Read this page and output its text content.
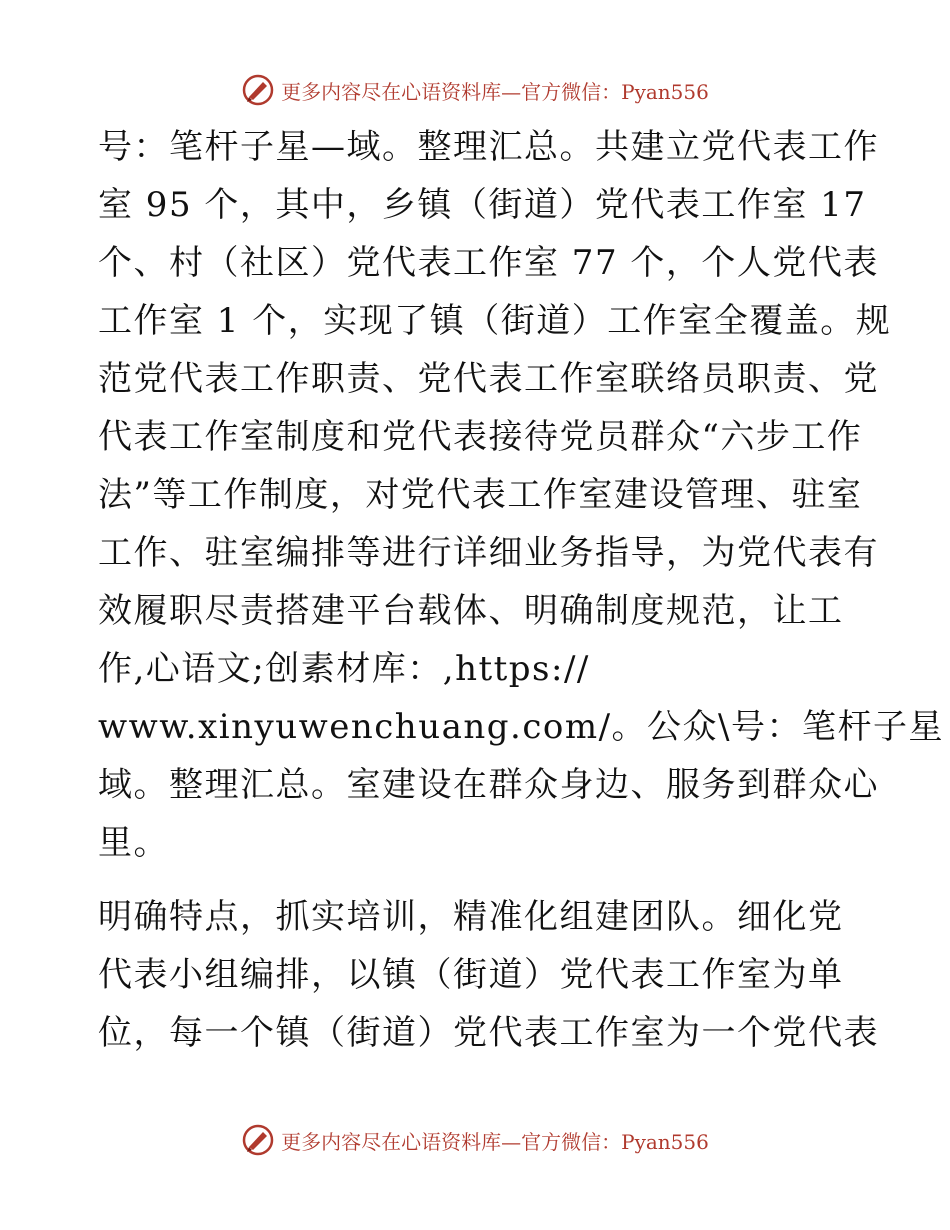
更多内容尽在心语资料库—官方微信：Pyan556

号：笔杆子星—域。整理汇总。共建立党代表工作
室 95 个，其中，乡镇（街道）党代表工作室 17
个、村（社区）党代表工作室 77 个，个人党代表
工作室 1 个，实现了镇（街道）工作室全覆盖。规
范党代表工作职责、党代表工作室联络员职责、党
代表工作室制度和党代表接待党员群众“六步工作
法”等工作制度，对党代表工作室建设管理、驻室
工作、驻室编排等进行详细业务指导，为党代表有
效履职尽责搭建平台载体、明确制度规范，让工
作,心语文;创素材库：,https://
www.xinyuwenchuang.com/。公众\号：笔杆子星
域。整理汇总。室建设在群众身边、服务到群众心
里。

明确特点，抓实培训，精准化组建团队。细化党
代表小组编排，以镇（街道）党代表工作室为单
位，每一个镇（街道）党代表工作室为一个党代表

更多内容尽在心语资料库—官方微信：Pyan556
